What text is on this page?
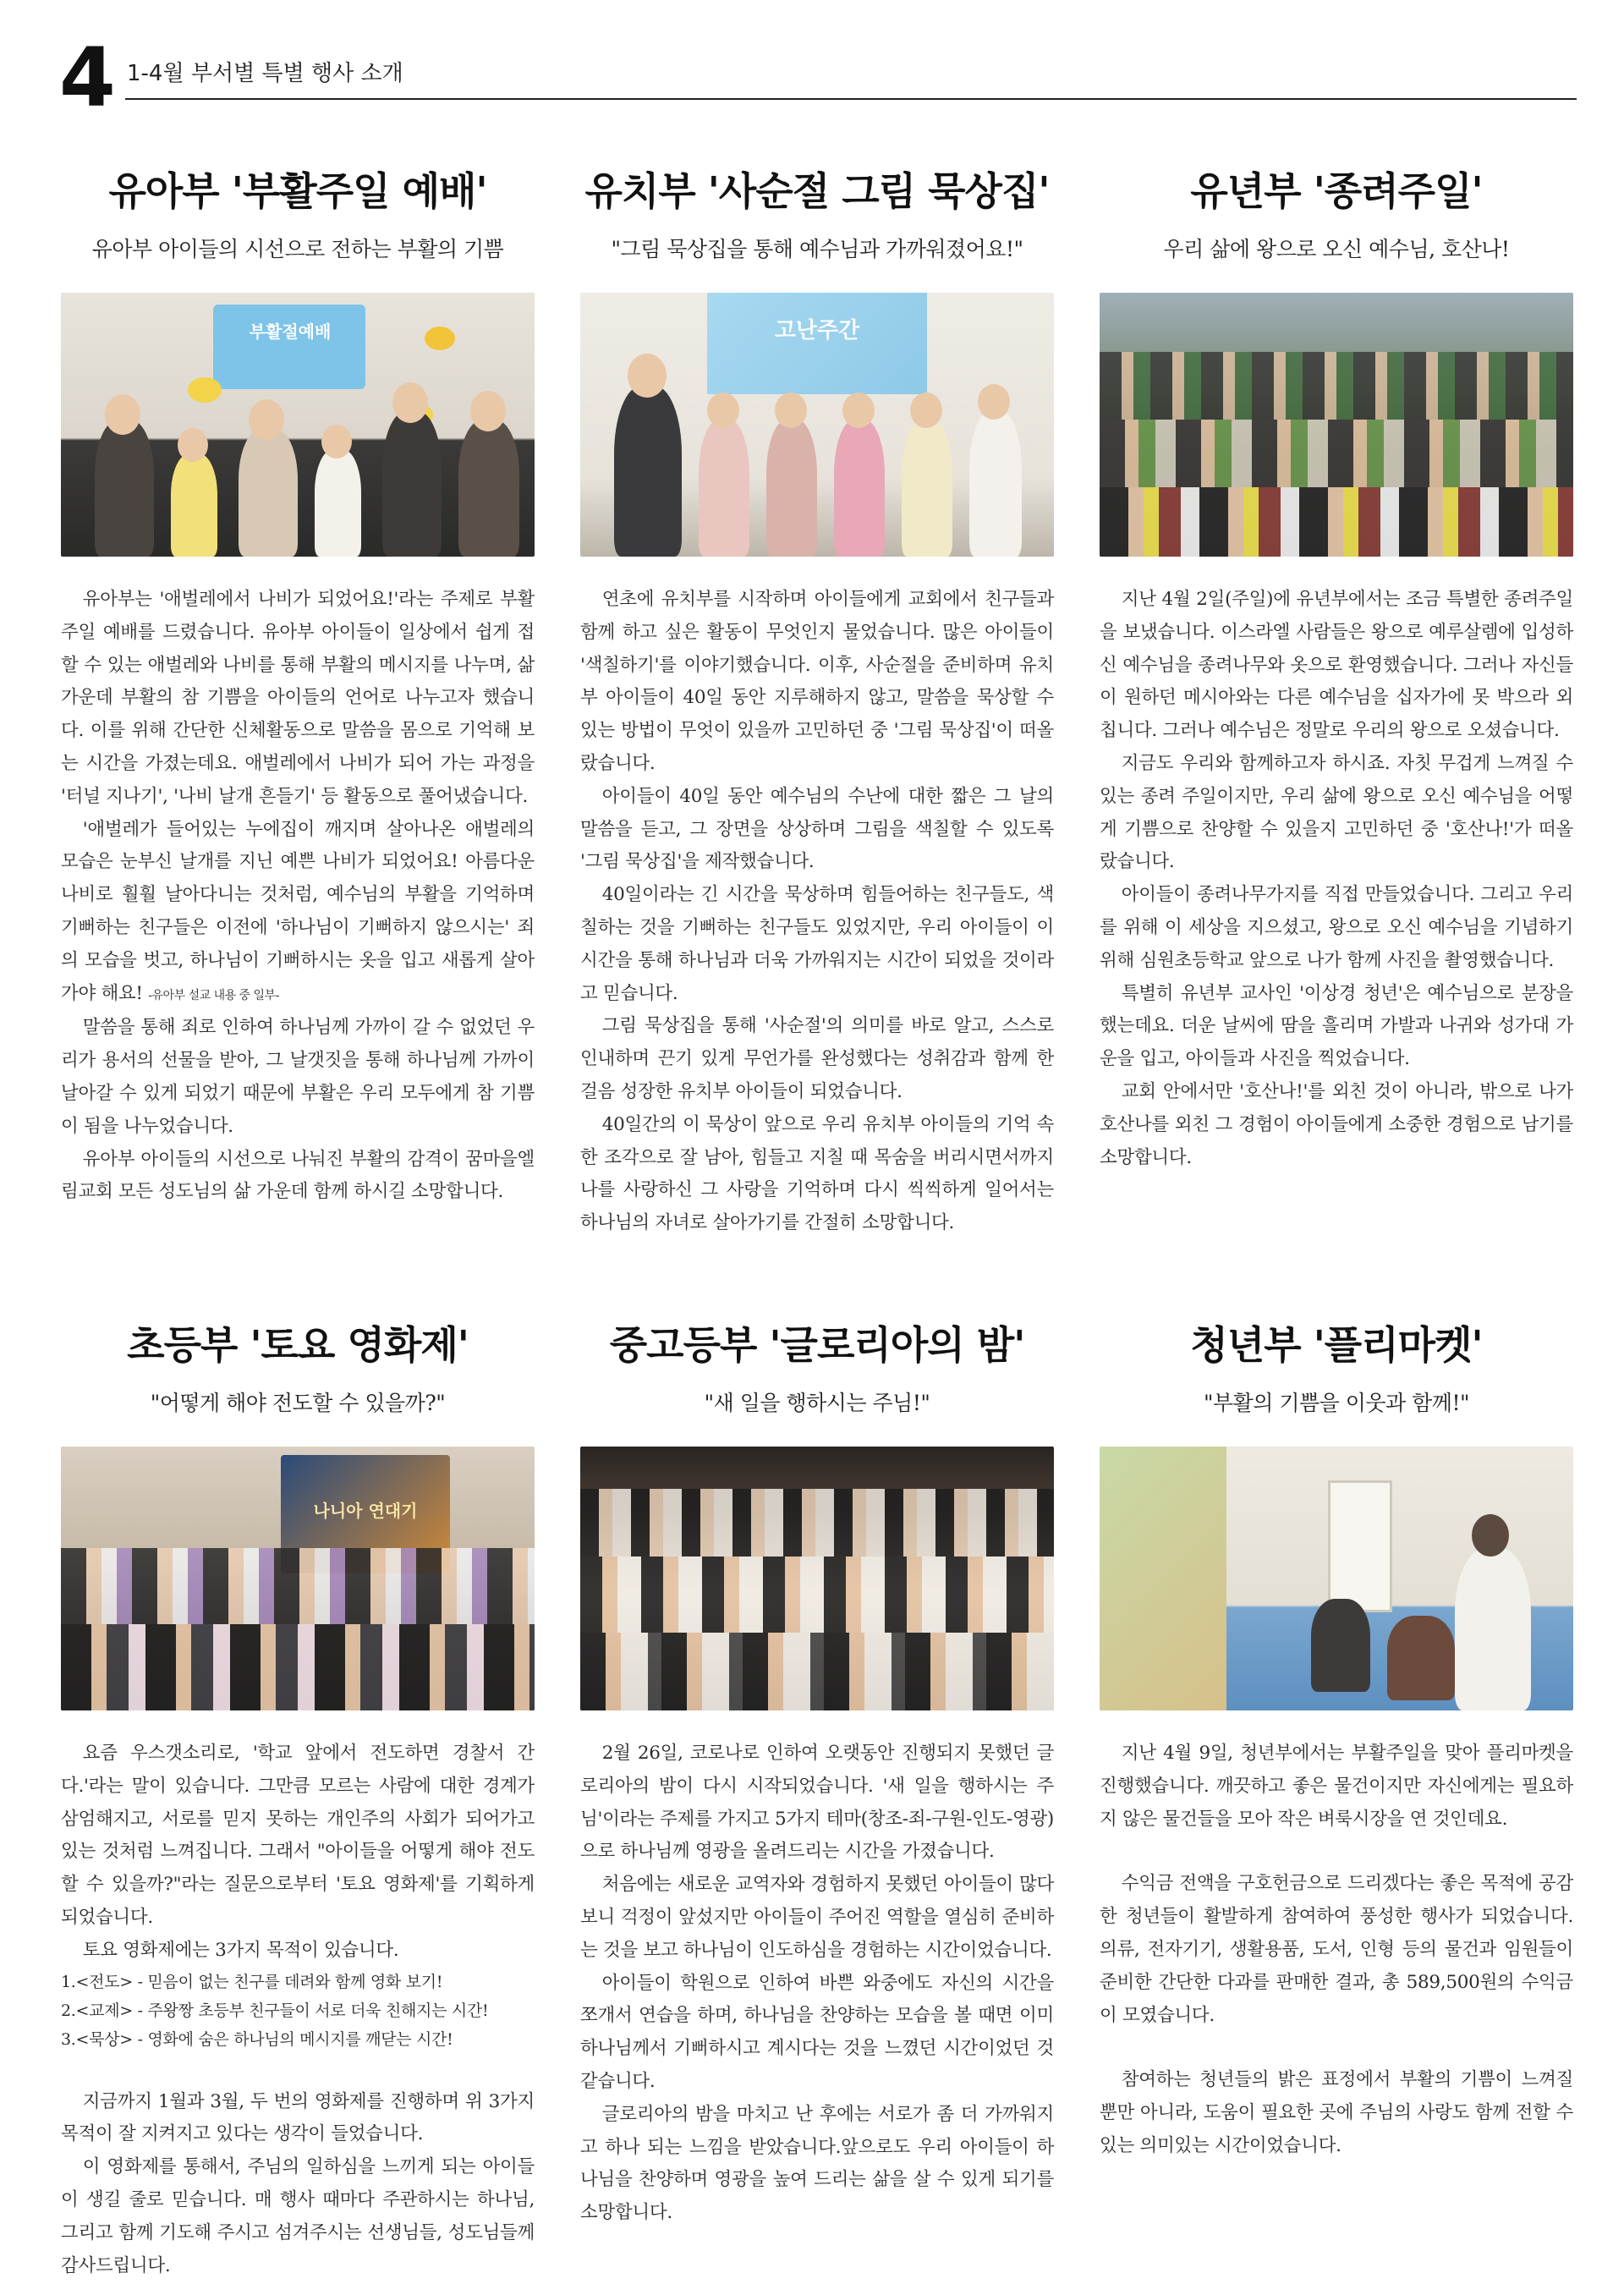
4 1-4월 부서별 특별 행사 소개
유아부 '부활주일 예배'
유아부 아이들의 시선으로 전하는 부활의 기쁨
부활절예배

유아부는 '애벌레에서 나비가 되었어요!'라는 주제로 부활주일 예배를 드렸습니다. 유아부 아이들이 일상에서 쉽게 접할 수 있는 애벌레와 나비를 통해 부활의 메시지를 나누며, 삶 가운데 부활의 참 기쁨을 아이들의 언어로 나누고자 했습니다. 이를 위해 간단한 신체활동으로 말씀을 몸으로 기억해 보는 시간을 가졌는데요. 애벌레에서 나비가 되어 가는 과정을 '터널 지나기', '나비 날개 흔들기' 등 활동으로 풀어냈습니다.

'애벌레가 들어있는 누에집이 깨지며 살아나온 애벌레의 모습은 눈부신 날개를 지닌 예쁜 나비가 되었어요! 아름다운 나비로 훨훨 날아다니는 것처럼, 예수님의 부활을 기억하며 기뻐하는 친구들은 이전에 '하나님이 기뻐하지 않으시는' 죄의 모습을 벗고, 하나님이 기뻐하시는 옷을 입고 새롭게 살아가야 해요! -유아부 설교 내용 중 일부-

말씀을 통해 죄로 인하여 하나님께 가까이 갈 수 없었던 우리가 용서의 선물을 받아, 그 날갯짓을 통해 하나님께 가까이 날아갈 수 있게 되었기 때문에 부활은 우리 모두에게 참 기쁨이 됨을 나누었습니다.

유아부 아이들의 시선으로 나눠진 부활의 감격이 꿈마을엘림교회 모든 성도님의 삶 가운데 함께 하시길 소망합니다.

유치부 '사순절 그림 묵상집'
"그림 묵상집을 통해 예수님과 가까워졌어요!"
고난주간

연초에 유치부를 시작하며 아이들에게 교회에서 친구들과 함께 하고 싶은 활동이 무엇인지 물었습니다. 많은 아이들이 '색칠하기'를 이야기했습니다. 이후, 사순절을 준비하며 유치부 아이들이 40일 동안 지루해하지 않고, 말씀을 묵상할 수 있는 방법이 무엇이 있을까 고민하던 중 '그림 묵상집'이 떠올랐습니다.

아이들이 40일 동안 예수님의 수난에 대한 짧은 그 날의 말씀을 듣고, 그 장면을 상상하며 그림을 색칠할 수 있도록 '그림 묵상집'을 제작했습니다.

40일이라는 긴 시간을 묵상하며 힘들어하는 친구들도, 색칠하는 것을 기뻐하는 친구들도 있었지만, 우리 아이들이 이 시간을 통해 하나님과 더욱 가까워지는 시간이 되었을 것이라고 믿습니다.

그림 묵상집을 통해 '사순절'의 의미를 바로 알고, 스스로 인내하며 끈기 있게 무언가를 완성했다는 성취감과 함께 한 걸음 성장한 유치부 아이들이 되었습니다.

40일간의 이 묵상이 앞으로 우리 유치부 아이들의 기억 속 한 조각으로 잘 남아, 힘들고 지칠 때 목숨을 버리시면서까지 나를 사랑하신 그 사랑을 기억하며 다시 씩씩하게 일어서는 하나님의 자녀로 살아가기를 간절히 소망합니다.

유년부 '종려주일'
우리 삶에 왕으로 오신 예수님, 호산나!

지난 4월 2일(주일)에 유년부에서는 조금 특별한 종려주일을 보냈습니다. 이스라엘 사람들은 왕으로 예루살렘에 입성하신 예수님을 종려나무와 옷으로 환영했습니다. 그러나 자신들이 원하던 메시아와는 다른 예수님을 십자가에 못 박으라 외칩니다. 그러나 예수님은 정말로 우리의 왕으로 오셨습니다.

지금도 우리와 함께하고자 하시죠. 자칫 무겁게 느껴질 수 있는 종려 주일이지만, 우리 삶에 왕으로 오신 예수님을 어떻게 기쁨으로 찬양할 수 있을지 고민하던 중 '호산나!'가 떠올랐습니다.

아이들이 종려나무가지를 직접 만들었습니다. 그리고 우리를 위해 이 세상을 지으셨고, 왕으로 오신 예수님을 기념하기 위해 심원초등학교 앞으로 나가 함께 사진을 촬영했습니다.

특별히 유년부 교사인 '이상경 청년'은 예수님으로 분장을 했는데요. 더운 날씨에 땀을 흘리며 가발과 나귀와 성가대 가운을 입고, 아이들과 사진을 찍었습니다.

교회 안에서만 '호산나!'를 외친 것이 아니라, 밖으로 나가 호산나를 외친 그 경험이 아이들에게 소중한 경험으로 남기를 소망합니다.

초등부 '토요 영화제'
"어떻게 해야 전도할 수 있을까?"
나니아 연대기

요즘 우스갯소리로, '학교 앞에서 전도하면 경찰서 간다.'라는 말이 있습니다. 그만큼 모르는 사람에 대한 경계가 삼엄해지고, 서로를 믿지 못하는 개인주의 사회가 되어가고 있는 것처럼 느껴집니다. 그래서 "아이들을 어떻게 해야 전도할 수 있을까?"라는 질문으로부터 '토요 영화제'를 기획하게 되었습니다.

토요 영화제에는 3가지 목적이 있습니다.

1.<전도> - 믿음이 없는 친구를 데려와 함께 영화 보기!

2.<교제> - 주왕짱 초등부 친구들이 서로 더욱 친해지는 시간!

3.<묵상> - 영화에 숨은 하나님의 메시지를 깨닫는 시간!

지금까지 1월과 3월, 두 번의 영화제를 진행하며 위 3가지 목적이 잘 지켜지고 있다는 생각이 들었습니다.

이 영화제를 통해서, 주님의 일하심을 느끼게 되는 아이들이 생길 줄로 믿습니다. 매 행사 때마다 주관하시는 하나님, 그리고 함께 기도해 주시고 섬겨주시는 선생님들, 성도님들께 감사드립니다.

중고등부 '글로리아의 밤'
"새 일을 행하시는 주님!"

2월 26일, 코로나로 인하여 오랫동안 진행되지 못했던 글로리아의 밤이 다시 시작되었습니다. '새 일을 행하시는 주님'이라는 주제를 가지고 5가지 테마(창조-죄-구원-인도-영광)으로 하나님께 영광을 올려드리는 시간을 가졌습니다.

처음에는 새로운 교역자와 경험하지 못했던 아이들이 많다 보니 걱정이 앞섰지만 아이들이 주어진 역할을 열심히 준비하는 것을 보고 하나님이 인도하심을 경험하는 시간이었습니다.

아이들이 학원으로 인하여 바쁜 와중에도 자신의 시간을 쪼개서 연습을 하며, 하나님을 찬양하는 모습을 볼 때면 이미 하나님께서 기뻐하시고 계시다는 것을 느꼈던 시간이었던 것 같습니다.

글로리아의 밤을 마치고 난 후에는 서로가 좀 더 가까워지고 하나 되는 느낌을 받았습니다.앞으로도 우리 아이들이 하나님을 찬양하며 영광을 높여 드리는 삶을 살 수 있게 되기를 소망합니다.

청년부 '플리마켓'
"부활의 기쁨을 이웃과 함께!"

지난 4월 9일, 청년부에서는 부활주일을 맞아 플리마켓을 진행했습니다. 깨끗하고 좋은 물건이지만 자신에게는 필요하지 않은 물건들을 모아 작은 벼룩시장을 연 것인데요.

수익금 전액을 구호헌금으로 드리겠다는 좋은 목적에 공감한 청년들이 활발하게 참여하여 풍성한 행사가 되었습니다. 의류, 전자기기, 생활용품, 도서, 인형 등의 물건과 임원들이 준비한 간단한 다과를 판매한 결과, 총 589,500원의 수익금이 모였습니다.

참여하는 청년들의 밝은 표정에서 부활의 기쁨이 느껴질 뿐만 아니라, 도움이 필요한 곳에 주님의 사랑도 함께 전할 수 있는 의미있는 시간이었습니다.
